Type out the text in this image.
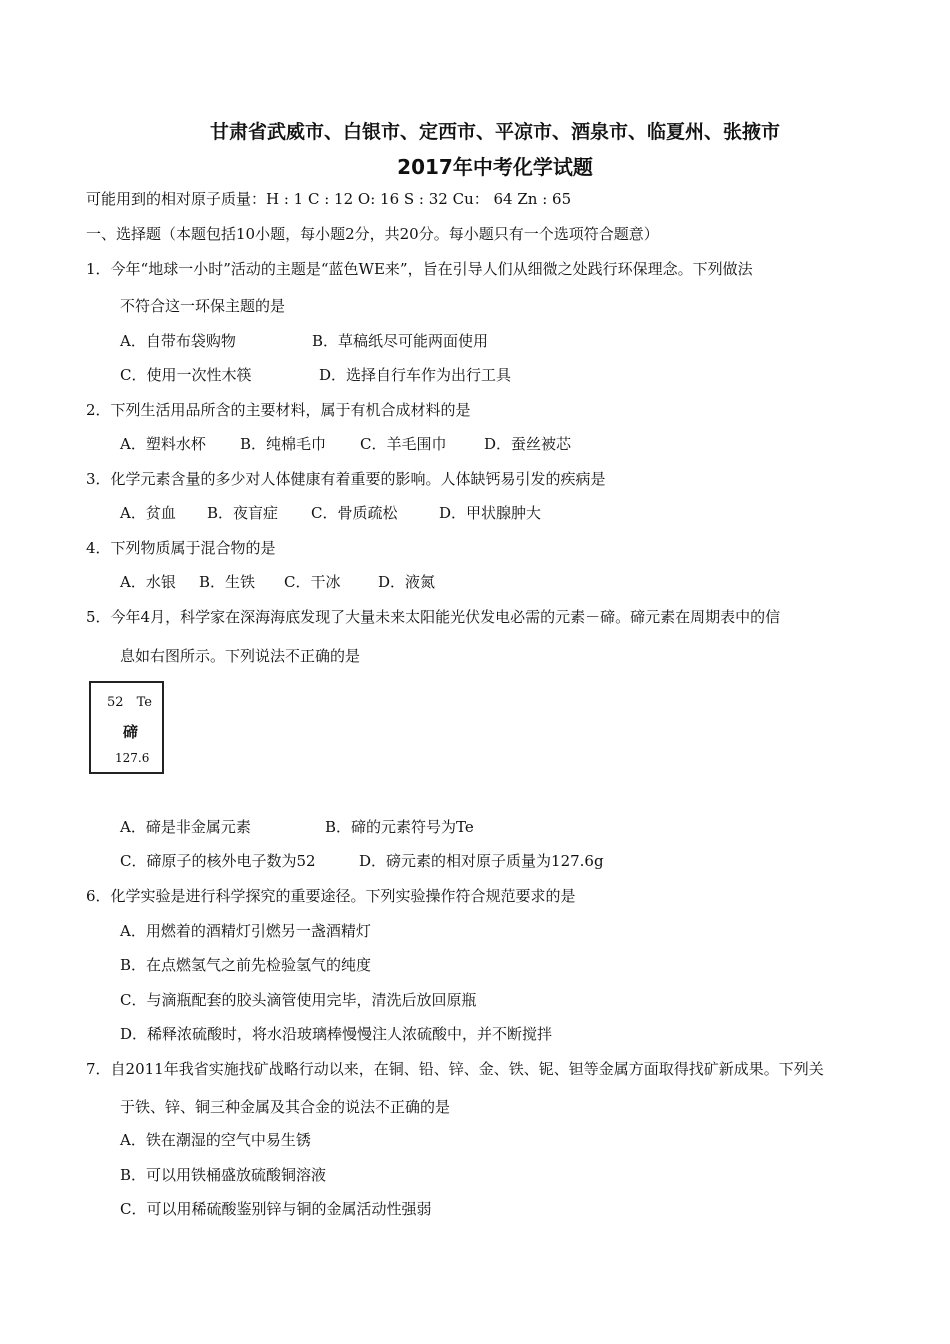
甘肃省武威市、白银市、定西市、平凉市、酒泉市、临夏州、张掖市
2017年中考化学试题
可能用到的相对原子质量：H : 1 C : 12 O: 16 S : 32 Cu： 64 Zn : 65
一、选择题（本题包括10小题，每小题2分，共20分。每小题只有一个选项符合题意）
1．今年“地球一小时”活动的主题是“蓝色WE来”，旨在引导人们从细微之处践行环保理念。下列做法
不符合这一环保主题的是
A．自带布袋购物	B．草稿纸尽可能两面使用
C．使用一次性木筷	D．选择自行车作为出行工具
2．下列生活用品所含的主要材料，属于有机合成材料的是
A．塑料水杯 B．纯棉毛巾 C．羊毛围巾	D．蚕丝被芯
3．化学元素含量的多少对人体健康有着重要的影响。人体缺钙易引发的疾病是
A．贫血 B．夜盲症 C．骨质疏松	D．甲状腺肿大
4．下列物质属于混合物的是
A．水银 B．生铁 C．干冰	D．液氮
5．今年4月，科学家在深海海底发现了大量未来太阳能光伏发电必需的元素－碲。碲元素在周期表中的信
息如右图所示。下列说法不正确的是
52 Te
碲
127.6
A．碲是非金属元素	B．碲的元素符号为Te
C．碲原子的核外电子数为52	D．磅元素的相对原子质量为127.6g
6．化学实验是进行科学探究的重要途径。下列实验操作符合规范要求的是
A．用燃着的酒精灯引燃另一盏酒精灯
B．在点燃氢气之前先检验氢气的纯度
C．与滴瓶配套的胶头滴管使用完毕，清洗后放回原瓶
D．稀释浓硫酸时，将水沿玻璃棒慢慢注人浓硫酸中，并不断搅拌
7．自2011年我省实施找矿战略行动以来，在铜、铅、锌、金、铁、铌、钽等金属方面取得找矿新成果。下列关
于铁、锌、铜三种金属及其合金的说法不正确的是
A．铁在潮湿的空气中易生锈
B．可以用铁桶盛放硫酸铜溶液
C．可以用稀硫酸鉴别锌与铜的金属活动性强弱
